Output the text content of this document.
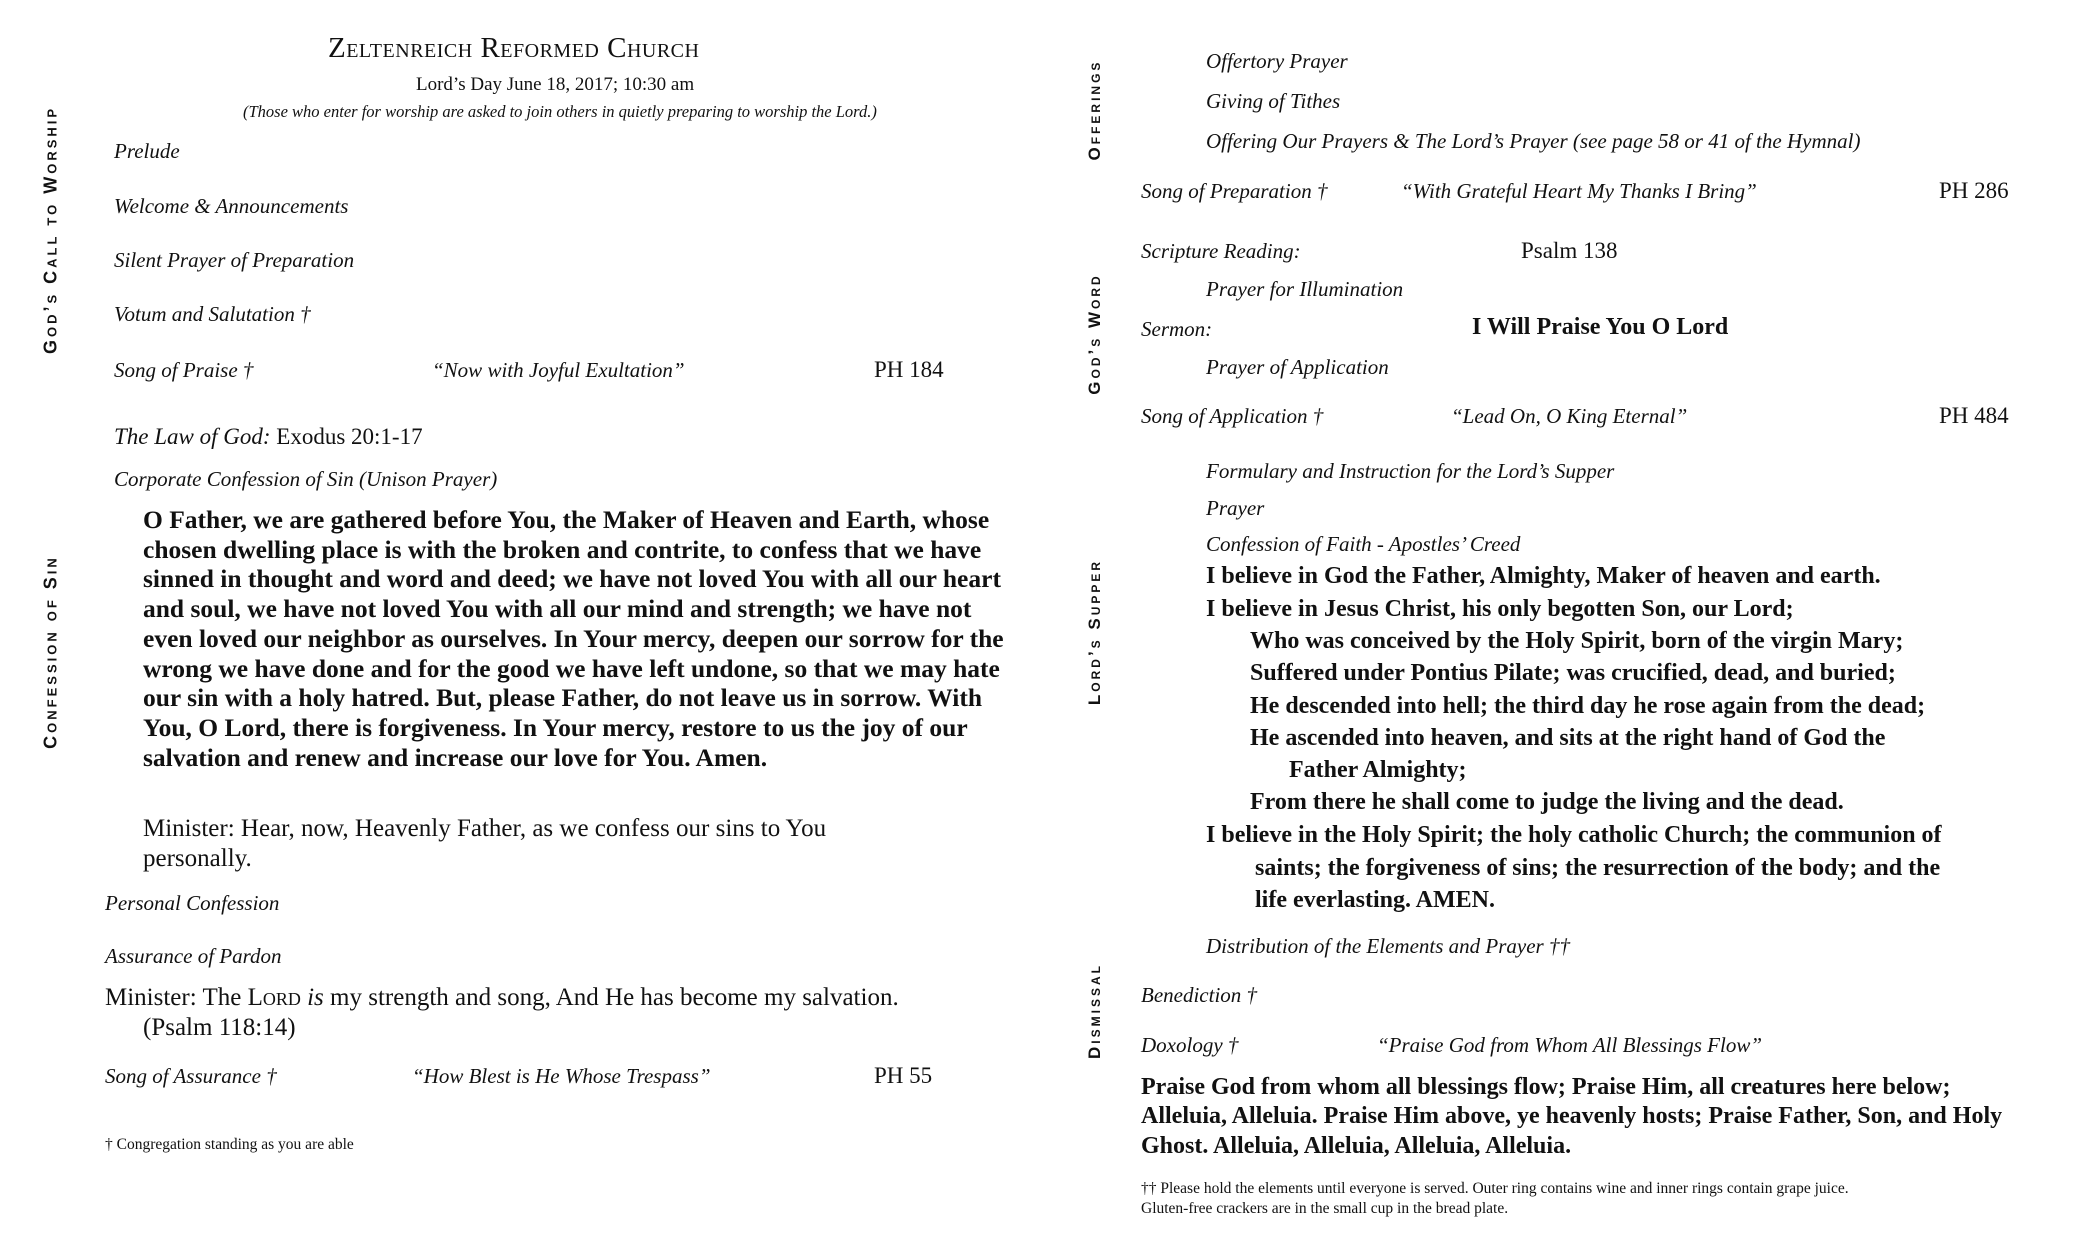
God’s Call to Worship
Confession of Sin
Zeltenreich Reformed Church
Lord’s Day June 18, 2017; 10:30 am
(Those who enter for worship are asked to join others in quietly preparing to worship the Lord.)
Prelude
Welcome & Announcements
Silent Prayer of Preparation
Votum and Salutation †
Song of Praise †	“Now with Joyful Exultation”	PH 184
The Law of God: Exodus 20:1-17
Corporate Confession of Sin (Unison Prayer)
O Father, we are gathered before You, the Maker of Heaven and Earth, whose chosen dwelling place is with the broken and contrite, to confess that we have sinned in thought and word and deed; we have not loved You with all our heart and soul, we have not loved You with all our mind and strength; we have not even loved our neighbor as ourselves. In Your mercy, deepen our sorrow for the wrong we have done and for the good we have left undone, so that we may hate our sin with a holy hatred. But, please Father, do not leave us in sorrow. With You, O Lord, there is forgiveness. In Your mercy, restore to us the joy of our salvation and renew and increase our love for You. Amen.
Minister: Hear, now, Heavenly Father, as we confess our sins to You
personally.
Personal Confession
Assurance of Pardon
Minister: The Lord is my strength and song, And He has become my salvation.
(Psalm 118:14)
Song of Assurance †	“How Blest is He Whose Trespass”	PH 55
† Congregation standing as you are able
Offerings
God’s Word
Lord’s Supper
Dismissal
Offertory Prayer
Giving of Tithes
Offering Our Prayers & The Lord’s Prayer (see page 58 or 41 of the Hymnal)
Song of Preparation †	“With Grateful Heart My Thanks I Bring”	PH 286
Scripture Reading:	Psalm 138
Prayer for Illumination
Sermon:	I Will Praise You O Lord
Prayer of Application
Song of Application †	“Lead On, O King Eternal”	PH 484
Formulary and Instruction for the Lord’s Supper
Prayer
Confession of Faith - Apostles’ Creed
I believe in God the Father, Almighty, Maker of heaven and earth.
I believe in Jesus Christ, his only begotten Son, our Lord;
Who was conceived by the Holy Spirit, born of the virgin Mary;
Suffered under Pontius Pilate; was crucified, dead, and buried;
He descended into hell; the third day he rose again from the dead;
He ascended into heaven, and sits at the right hand of God the
Father Almighty;
From there he shall come to judge the living and the dead.
I believe in the Holy Spirit; the holy catholic Church; the communion of
saints; the forgiveness of sins; the resurrection of the body; and the
life everlasting. AMEN.
Distribution of the Elements and Prayer ††
Benediction †
Doxology †	“Praise God from Whom All Blessings Flow”
Praise God from whom all blessings flow; Praise Him, all creatures here below;
Alleluia, Alleluia. Praise Him above, ye heavenly hosts; Praise Father, Son, and Holy
Ghost. Alleluia, Alleluia, Alleluia, Alleluia.
†† Please hold the elements until everyone is served. Outer ring contains wine and inner rings contain grape juice.
Gluten-free crackers are in the small cup in the bread plate.
